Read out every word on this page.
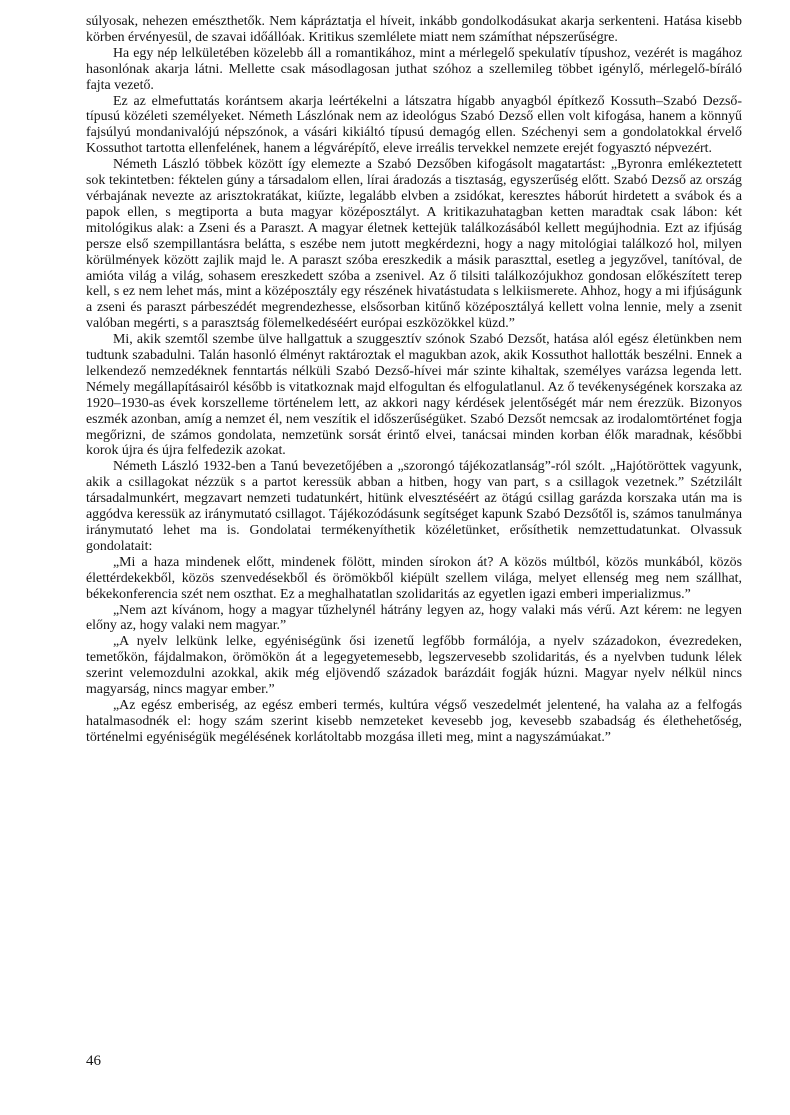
súlyosak, nehezen emészthetők. Nem kápráztatja el híveit, inkább gondolkodásukat akarja serkenteni. Hatása kisebb körben érvényesül, de szavai időállóak. Kritikus szemlélete miatt nem számíthat népszerűségre.

Ha egy nép lelkületében közelebb áll a romantikához, mint a mérlegelő spekulatív típushoz, vezérét is magához hasonlónak akarja látni. Mellette csak másodlagosan juthat szóhoz a szellemileg többet igénylő, mérlegelő-bíráló fajta vezető.

Ez az elmefuttatás korántsem akarja leértékelni a látszatra hígabb anyagból építkező Kossuth–Szabó Dezső-típusú közéleti személyeket. Németh Lászlónak nem az ideológus Szabó Dezső ellen volt kifogása, hanem a könnyű fajsúlyú mondanivalójú népszónok, a vásári kikiáltó típusú demagóg ellen. Széchenyi sem a gondolatokkal érvelő Kossuthot tartotta ellenfelének, hanem a légvárépítő, eleve irreális tervekkel nemzete erejét fogyasztó népvezért.

Németh László többek között így elemezte a Szabó Dezsőben kifogásolt magatartást: „Byronra emlékeztetett sok tekintetben: féktelen gúny a társadalom ellen, lírai áradozás a tisztaság, egyszerűség előtt. Szabó Dezső az ország vérbajának nevezte az arisztokratákat, kiűzte, legalább elvben a zsidókat, keresztes háborút hirdetett a svábok és a papok ellen, s megtiporta a buta magyar középosztályt. A kritikazuhatagban ketten maradtak csak lábon: két mitológikus alak: a Zseni és a Paraszt. A magyar életnek kettejük találkozásából kellett megújhodnia. Ezt az ifjúság persze első szempillantásra belátta, s eszébe nem jutott megkérdezni, hogy a nagy mitológiai találkozó hol, milyen körülmények között zajlik majd le. A paraszt szóba ereszkedik a másik paraszttal, esetleg a jegyzővel, tanítóval, de amióta világ a világ, sohasem ereszkedett szóba a zsenivel. Az ő tilsiti találkozójukhoz gondosan előkészített terep kell, s ez nem lehet más, mint a középosztály egy részének hivatástudata s lelkiismerete. Ahhoz, hogy a mi ifjúságunk a zseni és paraszt párbeszédét megrendezhesse, elsősorban kitűnő középosztályá kellett volna lennie, mely a zsenit valóban megérti, s a parasztság fölemelkedéséért európai eszközökkel küzd.”

Mi, akik szemtől szembe ülve hallgattuk a szuggesztív szónok Szabó Dezsőt, hatása alól egész életünkben nem tudtunk szabadulni. Talán hasonló élményt raktároztak el magukban azok, akik Kossuthot hallották beszélni. Ennek a lelkendező nemzedéknek fenntartás nélküli Szabó Dezső-hívei már szinte kihaltak, személyes varázsa legenda lett. Némely megállapításairól később is vitatkoznak majd elfogultan és elfogulatlanul. Az ő tevékenységének korszaka az 1920–1930-as évek korszelleme történelem lett, az akkori nagy kérdések jelentőségét már nem érezzük. Bizonyos eszmék azonban, amíg a nemzet él, nem veszítik el időszerűségüket. Szabó Dezsőt nemcsak az irodalomtörténet fogja megőrizni, de számos gondolata, nemzetünk sorsát érintő elvei, tanácsai minden korban élők maradnak, későbbi korok újra és újra felfedezik azokat.

Németh László 1932-ben a Tanú bevezetőjében a „szorongó tájékozatlanság”-ról szólt. „Hajótöröttek vagyunk, akik a csillagokat nézzük s a partot keressük abban a hitben, hogy van part, s a csillagok vezetnek.” Szétzilált társadalmunkért, megzavart nemzeti tudatunkért, hitünk elvesztéséért az ötágú csillag garázda korszaka után ma is aggódva keressük az iránymutató csillagot. Tájékozódásunk segítséget kapunk Szabó Dezsőtől is, számos tanulmánya iránymutató lehet ma is. Gondolatai termékenyíthetik közéletünket, erősíthetik nemzettudatunkat. Olvassuk gondolatait:

„Mi a haza mindenek előtt, mindenek fölött, minden sírokon át? A közös múltból, közös munkából, közös élettérdekekből, közös szenvedésekből és örömökből kiépült szellem világa, melyet ellenség meg nem szállhat, békekonferencia szét nem oszthat. Ez a meghalhatatlan szolidaritás az egyetlen igazi emberi imperializmus.”

„Nem azt kívánom, hogy a magyar tűzhelynél hátrány legyen az, hogy valaki más vérű. Azt kérem: ne legyen előny az, hogy valaki nem magyar.”

„A nyelv lelkünk lelke, egyéniségünk ősi izenetű legfőbb formálója, a nyelv századokon, évezredeken, temetőkön, fájdalmakon, örömökön át a legegyetemesebb, legszervesebb szolidaritás, és a nyelvben tudunk lélek szerint velemozdulni azokkal, akik még eljövendő századok barázdáit fogják húzni. Magyar nyelv nélkül nincs magyarság, nincs magyar ember.”

„Az egész emberiség, az egész emberi termés, kultúra végső veszedelmét jelentené, ha valaha az a felfogás hatalmasodnék el: hogy szám szerint kisebb nemzeteket kevesebb jog, kevesebb szabadság és élethehetőség, történelmi egyéniségük megélésének korlátoltabb mozgása illeti meg, mint a nagyszámúakat.”

46
